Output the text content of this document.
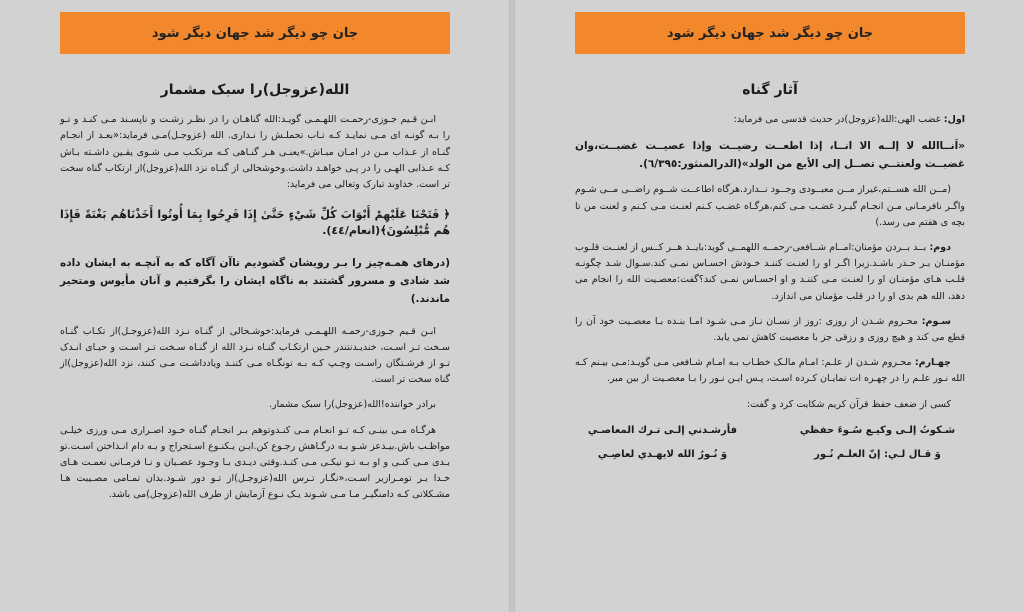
جان چو دیگر شد جهان دیگر شود
الله(عزوجل)را سبک مشمار

ابـن قـیم جـوزی-رحمـت اللهـمـی گویـد:الله گناهـان را در نظـر زشـت و ناپسـند مـی کنـد و تـو را بـه گونـه ای مـی نمایـد کـه تـاب تحملـش را نـداری. الله (عزوجـل)مـی فرماید:«بعـد از انجـام گنـاه از عـذاب مـن در امـان مبـاش.»یعنـی هـر گنـاهی کـه مرتکـب مـی شـوی یقـین داشـته بـاش کـه عـذابی الهـی را در پـی خواهـد داشت.وخوشحالی از گنـاه نزد الله(عزوجل)از ارتکاب گناه سخت تر است. خداوند تبارک وتعالی می فرماید:

﴿ فَتَحْنَا عَلَيْهِمْ أَبْوَابَ كُلِّ شَيْءٍ حَتَّىٰ إِذَا فَرِحُوا بِمَا أُوتُوا أَخَذْنَاهُم بَغْتَةً فَإِذَا هُم مُّبْلِسُونَ﴾(انعام/٤٤).

(درهای همـه‌چیز را بـر رویشان گشودیم تاآن آگاه که به آنچـه به ایشان داده شد شادی و مسرور گشتند به ناگاه ایشان را بگرفتیم و آنان مأیوس ومتحیر ماندند.)

ابـن قـیم جـوزی-رحمـه اللهـمـی فرماید:خوشـحالی از گنـاه نـزد الله(عزوجـل)از تکـاب گنـاه سـخت تـر اسـت، خندیـدنتندر حـین ارتکـاب گنـاه نـزد الله از گنـاه سـخت تـر اسـت و حیـای انـدک تـو از فرشـتگان راسـت وچـپ کـه بـه تونگـاه مـی کننـد ویادداشـت مـی کنند، نزد الله(عزوجل)از گناه سخت تر است.

برادر خواننده!الله(عزوجل)را سبک مشمار.

هرگـاه مـی بینـی کـه تـو انعـام مـی کنـدوتوهم بـر انجـام گنـاه خـود اصـراری مـی ورزی خیلـی مواظـب باش.بیـدعز شـو بـه درگـاهش رجـوع کن.ایـن یـکنـوع اسـتجراج و بـه دام انـداختن اسـت.تو بـدی مـی کنـی و او بـه تـو نیکـی مـی کنـد.وقتی دیـدی بـا وجـود عصـیان و نـا فرمـانی نعمـت هـای خـدا بـر تومـرازیر اسـت،«نگـار تـرس الله(عزوجـل)از تـو دور شـود.بدان تمـامی مصـیبت هـا مشـکلاتی کـه دامنگیـر مـا مـی شـوند یـک نـوع آزمایش از طرف الله(عزوجل)می باشد.

جان چو دیگر شد جهان دیگر شود
آثار گناه

اول: غضب الهی:الله(عزوجل)در حدیث قدسی می فرماید:

«اَنــاالله لا إلــه الا انــا، إذا اطعــت رضيــت وإذا عصيــت غضبــت،وان غضبــت ولعنتــي تصــل إلى الأبع من الولد»(الدرالمنثور:٦/٣٩٥).

(مــن الله هســتم،غیراز مــن معبــودی وجــود نــدارد.هرگاه اطاعــت شــوم راضــی مــی شـوم واگـر نافرمـانی مـن انجـام گیـرد غضـب مـی کنم،هرگـاه غضـب کـنم لعنـت مـی کـنم و لعنت من تا بچه ی هفتم می رسد.)

دوم: بــد بــردن مؤمنان:امــام شــافعی-رحمــه اللهمــی گوید:بایــد هــر کــس از لعنــت قلـوب مؤمنـان بـر حـذر باشـد.زیرا اگـر او را لعنـت کننـد خـودش احسـاس نمـی کند.سـوال شـد چگونـه قلـب هـای مؤمنـان او را لعنـت مـی کننـد و او احسـاس نمـی کند؟گفت:معصـیت الله را انجام می دهد، الله هم بدی او را در قلب مؤمنان می اندازد.

سـوم: محـروم شـدن از روزی :روز از نسـان نـاز مـی شـود امـا بنـده بـا معصـیت خود آن را قطع می کند و هیچ روزی و رزقی جز با معصیت کاهش نمی یابد.

چهـارم: محـروم شـدن از علـم: امـام مالـک خطـاب بـه امـام شـافعی مـی گویـد:مـی بیـنم کـه الله نـور علـم را در چهـره ات نمایـان کـرده اسـت، پـس ایـن نـور را بـا معصـیت از بین مبر.

کسی از ضعف حفظ قرآن کریم شکایت کرد و گفت:

شـكوتُ إلـى وكيـع سُـوءَ حفظي
فأرشـدني إلـى تـرك المعاصـي
وَ قـال لـي: إنّ العلـم نُـور
وَ نُـورُ الله لايهـدي لعاصِـي
